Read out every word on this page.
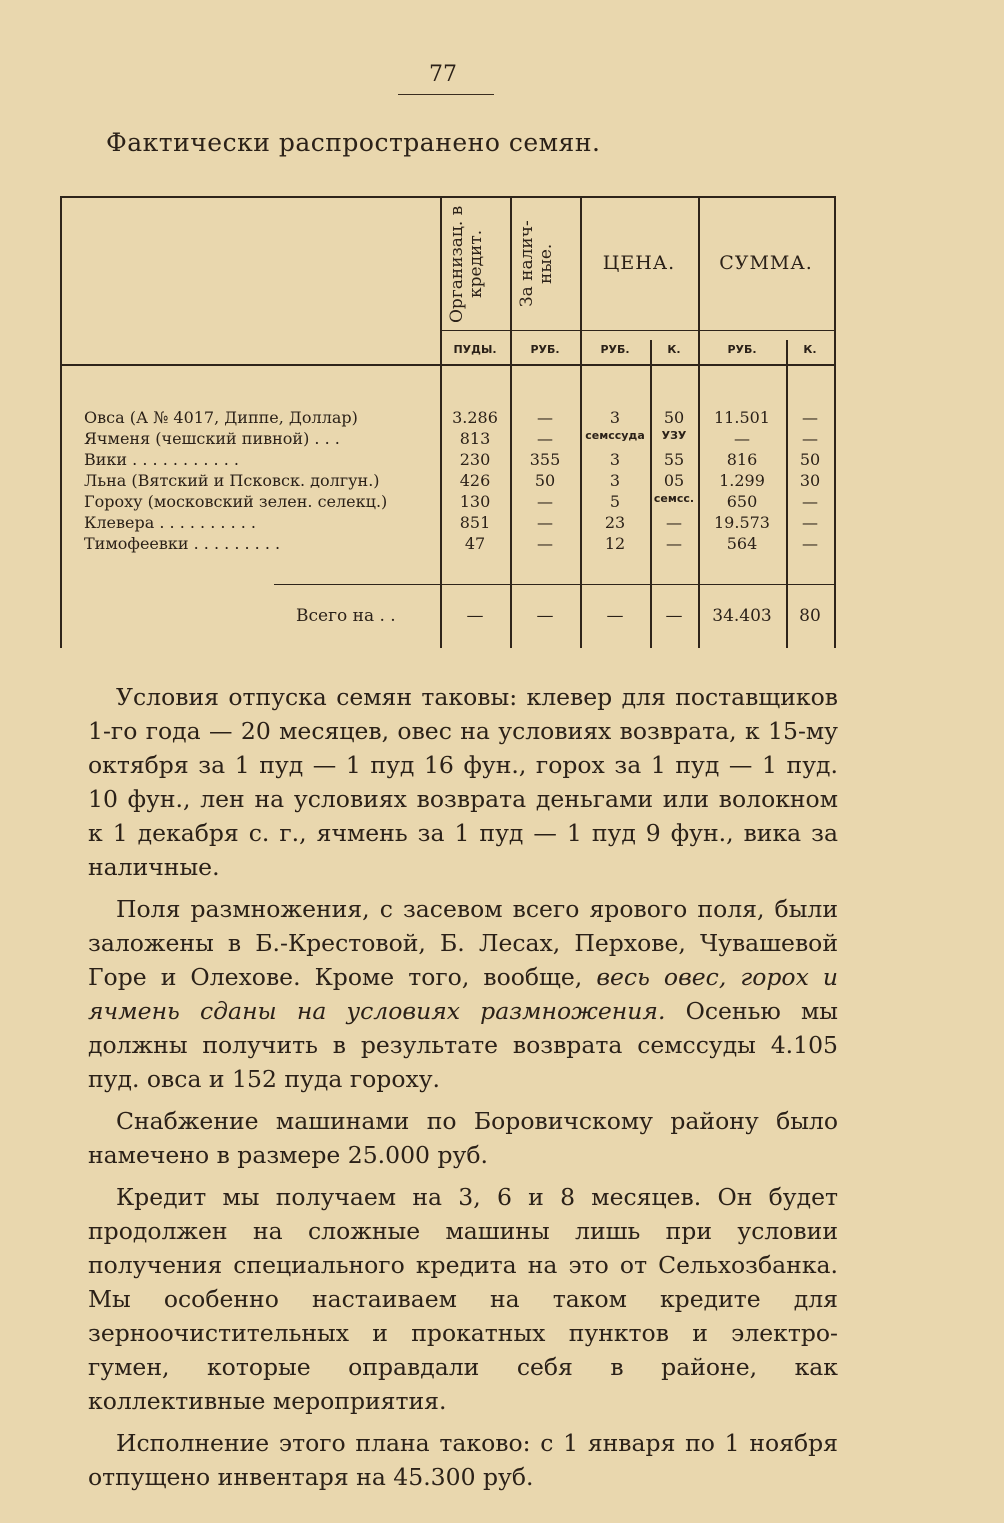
77
Фактически распространено семян.
Организац. в кредит.	За налич- ные.	ЦЕНА.	СУММА.
ПУДЫ.	РУБ.	РУБ.	К.	РУБ.	К.
Овса (А № 4017, Диппе, Доллар)	3.286	—	3	50	11.501	—
Ячменя (чешский пивной) . . .	813	—	семссуда	УЗУ	—	—
Вики . . . . . . . . . . .	230	355	3	55	816	50
Льна (Вятский и Псковск. долгун.)	426	50	3	05	1.299	30
Гороху (московский зелен. селекц.)	130	—	5	семсс.	650	—
Клевера . . . . . . . . . .	851	—	23	—	19.573	—
Тимофеевки . . . . . . . . .	47	—	12	—	564	—
Всего на . .	—	—	—	—	34.403	80

Условия отпуска семян таковы: клевер для поставщиков 1-го года — 20 месяцев, овес на условиях возврата, к 15-му октября за 1 пуд — 1 пуд 16 фун., горох за 1 пуд — 1 пуд. 10 фун., лен на условиях возврата деньгами или волокном к 1 декабря с. г., ячмень за 1 пуд — 1 пуд 9 фун., вика за наличные.

Поля размножения, с засевом всего ярового поля, были заложены в Б.-Крестовой, Б. Лесах, Перхове, Чувашевой Горе и Олехове. Кроме того, вообще, весь овес, горох и ячмень сданы на условиях размножения. Осенью мы должны получить в результате возврата семссуды 4.105 пуд. овса и 152 пуда гороху.

Снабжение машинами по Боровичскому району было намечено в размере 25.000 руб.

Кредит мы получаем на 3, 6 и 8 месяцев. Он будет продолжен на сложные машины лишь при условии получения специального кредита на это от Сельхозбанка. Мы особенно настаиваем на таком кредите для зерноочистительных и прокатных пунктов и электро-гумен, которые оправдали себя в районе, как коллективные мероприятия.

Исполнение этого плана таково: с 1 января по 1 ноября отпущено инвентаря на 45.300 руб.
